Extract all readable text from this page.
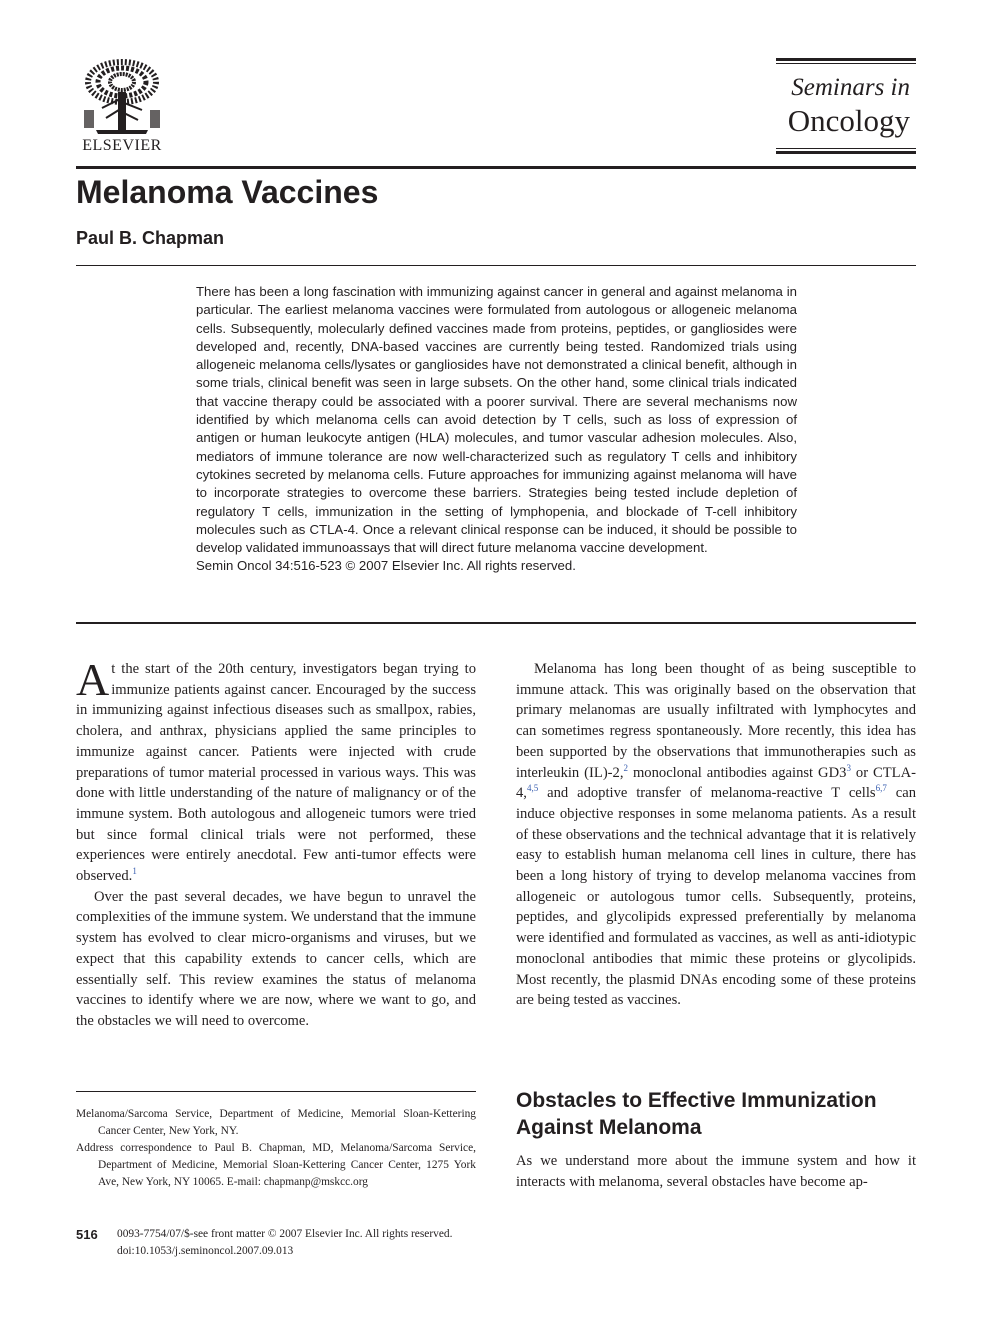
ELSEVIER
Seminars in
Oncology
Melanoma Vaccines
Paul B. Chapman
There has been a long fascination with immunizing against cancer in general and against melanoma in particular. The earliest melanoma vaccines were formulated from autologous or allogeneic melanoma cells. Subsequently, molecularly defined vaccines made from proteins, peptides, or gangliosides were developed and, recently, DNA-based vaccines are currently being tested. Randomized trials using allogeneic melanoma cells/lysates or gangliosides have not demonstrated a clinical benefit, although in some trials, clinical benefit was seen in large subsets. On the other hand, some clinical trials indicated that vaccine therapy could be associated with a poorer survival. There are several mechanisms now identified by which melanoma cells can avoid detection by T cells, such as loss of expression of antigen or human leukocyte antigen (HLA) molecules, and tumor vascular adhesion molecules. Also, mediators of immune tolerance are now well-characterized such as regulatory T cells and inhibitory cytokines secreted by melanoma cells. Future approaches for immunizing against melanoma will have to incorporate strategies to overcome these barriers. Strategies being tested include depletion of regulatory T cells, immunization in the setting of lymphopenia, and blockade of T-cell inhibitory molecules such as CTLA-4. Once a relevant clinical response can be induced, it should be possible to develop validated immunoassays that will direct future melanoma vaccine development.
Semin Oncol 34:516-523 © 2007 Elsevier Inc. All rights reserved.

At the start of the 20th century, investigators began trying to immunize patients against cancer. Encouraged by the success in immunizing against infectious diseases such as smallpox, rabies, cholera, and anthrax, physicians applied the same principles to immunize against cancer. Patients were injected with crude preparations of tumor material processed in various ways. This was done with little understanding of the nature of malignancy or of the immune system. Both autologous and allogeneic tumors were tried but since formal clinical trials were not performed, these experiences were entirely anecdotal. Few anti-tumor effects were observed.$^1$

Over the past several decades, we have begun to unravel the complexities of the immune system. We understand that the immune system has evolved to clear micro-organisms and viruses, but we expect that this capability extends to cancer cells, which are essentially self. This review examines the status of melanoma vaccines to identify where we are now, where we want to go, and the obstacles we will need to overcome.

Melanoma has long been thought of as being susceptible to immune attack. This was originally based on the observation that primary melanomas are usually infiltrated with lymphocytes and can sometimes regress spontaneously. More recently, this idea has been supported by the observations that immunotherapies such as interleukin (IL)-2,$^2$ monoclonal antibodies against $GD3^3$ or CTLA-4,$^{4,5}$ and adoptive transfer of melanoma-reactive T cells$^{6,7}$ can induce objective responses in some melanoma patients. As a result of these observations and the technical advantage that it is relatively easy to establish human melanoma cell lines in culture, there has been a long history of trying to develop melanoma vaccines from allogeneic or autologous tumor cells. Subsequently, proteins, peptides, and glycolipids expressed preferentially by melanoma were identified and formulated as vaccines, as well as anti-idiotypic monoclonal antibodies that mimic these proteins or glycolipids. Most recently, the plasmid DNAs encoding some of these proteins are being tested as vaccines.

Obstacles to Effective Immunization Against Melanoma

As we understand more about the immune system and how it interacts with melanoma, several obstacles have become ap-

Melanoma/Sarcoma Service, Department of Medicine, Memorial Sloan-Kettering Cancer Center, New York, NY.

Address correspondence to Paul B. Chapman, MD, Melanoma/Sarcoma Service, Department of Medicine, Memorial Sloan-Kettering Cancer Center, 1275 York Ave, New York, NY 10065. E-mail: chapmanp@mskcc.org

516 0093-7754/07/$-see front matter © 2007 Elsevier Inc. All rights reserved.
doi:10.1053/j.seminoncol.2007.09.013
